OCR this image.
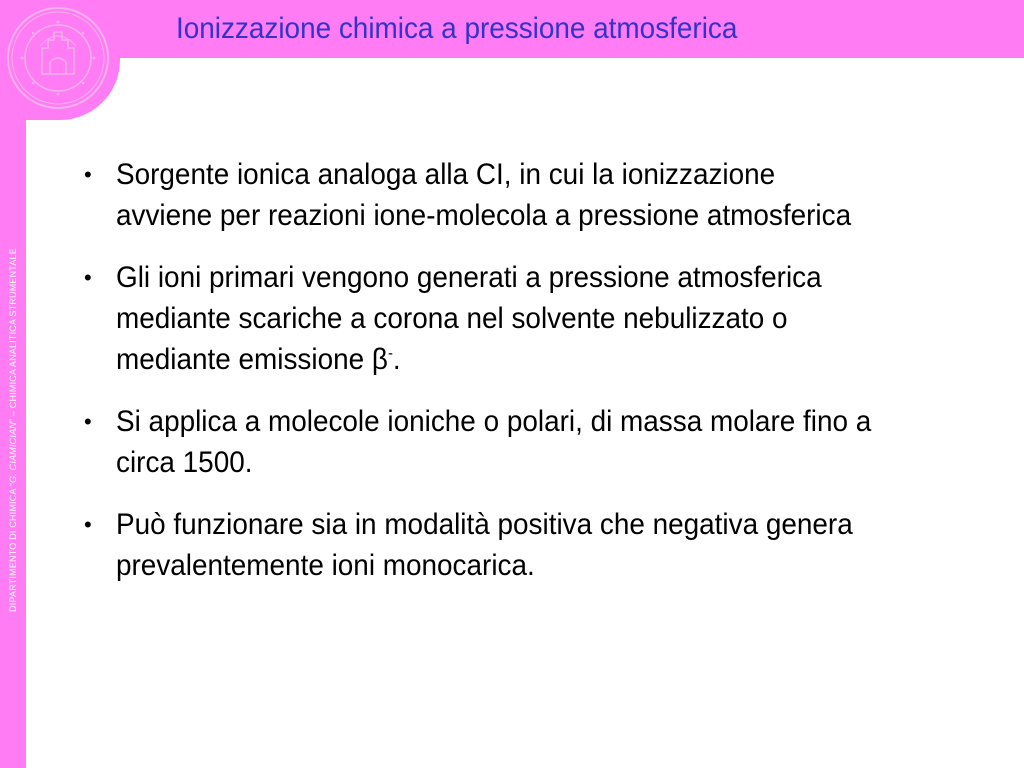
Ionizzazione chimica a pressione atmosferica
DIPARTIMENTO DI CHIMICA “G. CIAMICIAN” – CHIMICA ANALITICA STRUMENTALE
• Sorgente ionica analoga alla CI, in cui la ionizzazione avviene per reazioni ione-molecola a pressione atmosferica
• Gli ioni primari vengono generati a pressione atmosferica mediante scariche a corona nel solvente nebulizzato o mediante emissione β-.
• Si applica a molecole ioniche o polari, di massa molare fino a circa 1500.
• Può funzionare sia in modalità positiva che negativa genera prevalentemente ioni monocarica.
